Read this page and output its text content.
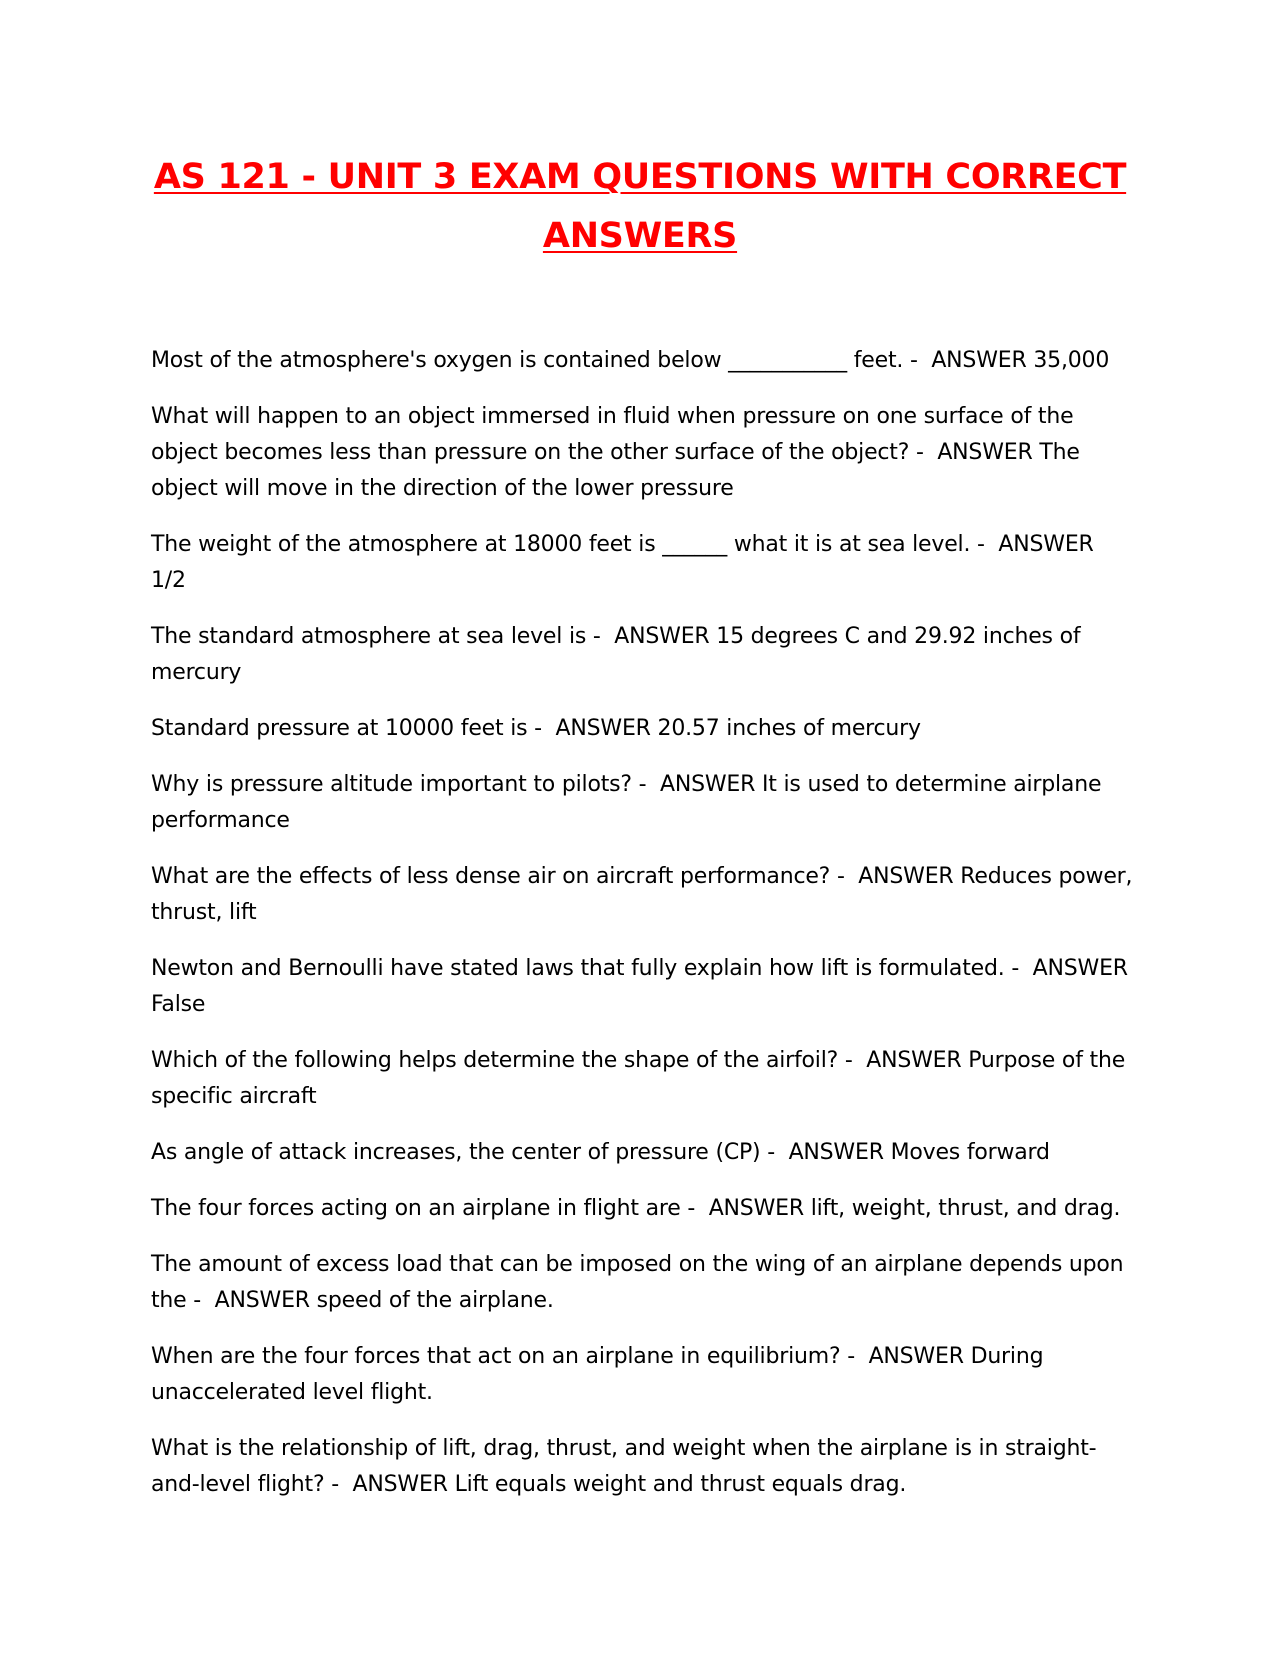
AS 121 - UNIT 3 EXAM QUESTIONS WITH CORRECT ANSWERS

Most of the atmosphere's oxygen is contained below ___________ feet. - ANSWER 35,000

What will happen to an object immersed in fluid when pressure on one surface of the object becomes less than pressure on the other surface of the object? - ANSWER The object will move in the direction of the lower pressure

The weight of the atmosphere at 18000 feet is ______ what it is at sea level. - ANSWER 1/2

The standard atmosphere at sea level is - ANSWER 15 degrees C and 29.92 inches of mercury

Standard pressure at 10000 feet is - ANSWER 20.57 inches of mercury

Why is pressure altitude important to pilots? - ANSWER It is used to determine airplane performance

What are the effects of less dense air on aircraft performance? - ANSWER Reduces power, thrust, lift

Newton and Bernoulli have stated laws that fully explain how lift is formulated. - ANSWER False

Which of the following helps determine the shape of the airfoil? - ANSWER Purpose of the specific aircraft

As angle of attack increases, the center of pressure (CP) - ANSWER Moves forward

The four forces acting on an airplane in flight are - ANSWER lift, weight, thrust, and drag.

The amount of excess load that can be imposed on the wing of an airplane depends upon the - ANSWER speed of the airplane.

When are the four forces that act on an airplane in equilibrium? - ANSWER During unaccelerated level flight.

What is the relationship of lift, drag, thrust, and weight when the airplane is in straight-and-level flight? - ANSWER Lift equals weight and thrust equals drag.
